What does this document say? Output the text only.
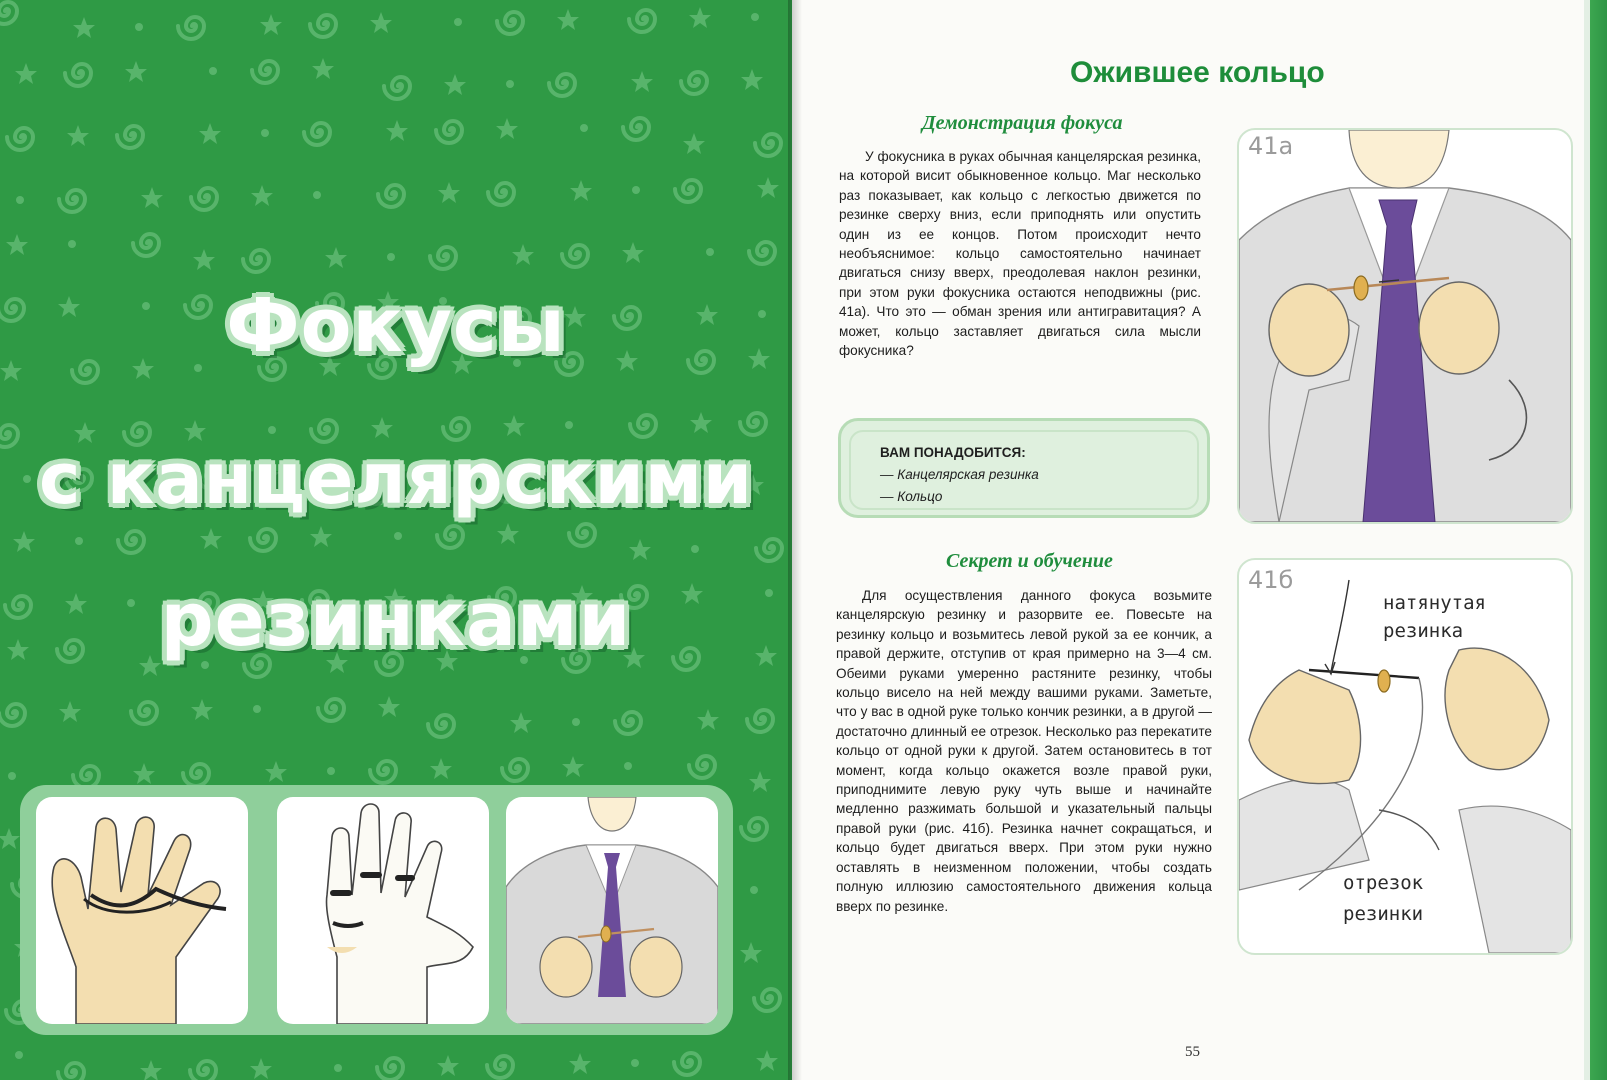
Фокусы
с канцелярскими
резинками
Ожившее кольцо
Демонстрация фокуса

У фокусника в руках обычная канцелярская резинка, на которой висит обыкновенное кольцо. Маг несколько раз показывает, как кольцо с легкостью движется по резинке сверху вниз, если приподнять или опустить один из ее концов. Потом происходит нечто необъяснимое: кольцо самостоятельно начинает двигаться снизу вверх, преодолевая наклон резинки, при этом руки фокусника остаются неподвижны (рис. 41а). Что это — обман зрения или антигравитация? А может, кольцо заставляет двигаться сила мысли фокусника?

ВАМ ПОНАДОБИТСЯ:
— Канцелярская резинка
— Кольцо
Секрет и обучение

Для осуществления данного фокуса возьмите канцелярскую резинку и разорвите ее. Повесьте на резинку кольцо и возьмитесь левой рукой за ее кончик, а правой держите, отступив от края примерно на 3—4 см. Обеими руками умеренно растяните резинку, чтобы кольцо висело на ней между вашими руками. Заметьте, что у вас в одной руке только кончик резинки, а в другой — достаточно длинный ее отрезок. Несколько раз перекатите кольцо от одной руки к другой. Затем остановитесь в тот момент, когда кольцо окажется возле правой руки, приподнимите левую руку чуть выше и начинайте медленно разжимать большой и указательный пальцы правой руки (рис. 41б). Резинка начнет сокращаться, и кольцо будет двигаться вверх. При этом руки нужно оставлять в неизменном положении, чтобы создать полную иллюзию самостоятельного движения кольца вверх по резинке.

41а
41б
натянутая
резинка
отрезок
резинки
55
